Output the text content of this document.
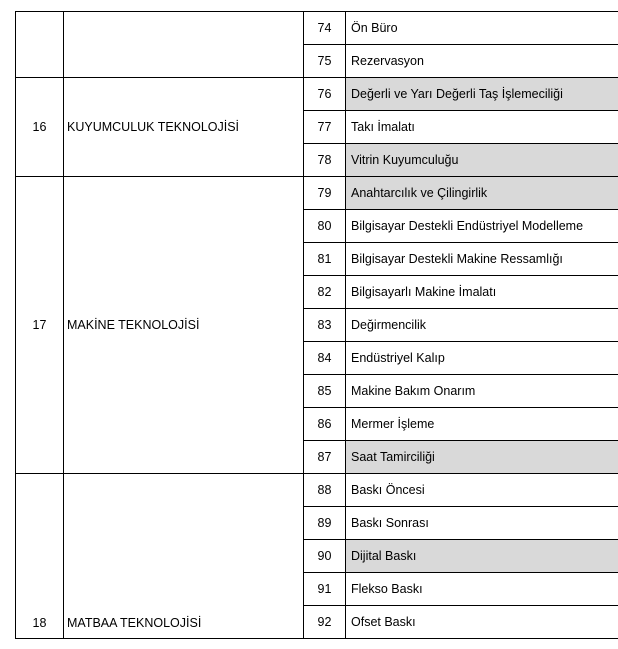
		74	Ön Büro
		75	Rezervasyon
16	KUYUMCULUK TEKNOLOJİSİ	76	Değerli ve Yarı Değerli Taş İşlemeciliği
		77	Takı İmalatı
		78	Vitrin Kuyumculuğu
17	MAKİNE TEKNOLOJİSİ	79	Anahtarcılık ve Çilingirlik
		80	Bilgisayar Destekli Endüstriyel Modelleme
		81	Bilgisayar Destekli Makine Ressamlığı
		82	Bilgisayarlı Makine İmalatı
		83	Değirmencilik
		84	Endüstriyel Kalıp
		85	Makine Bakım Onarım
		86	Mermer İşleme
		87	Saat Tamirciliği
18	MATBAA TEKNOLOJİSİ	88	Baskı Öncesi
		89	Baskı Sonrası
		90	Dijital Baskı
		91	Flekso Baskı
		92	Ofset Baskı
